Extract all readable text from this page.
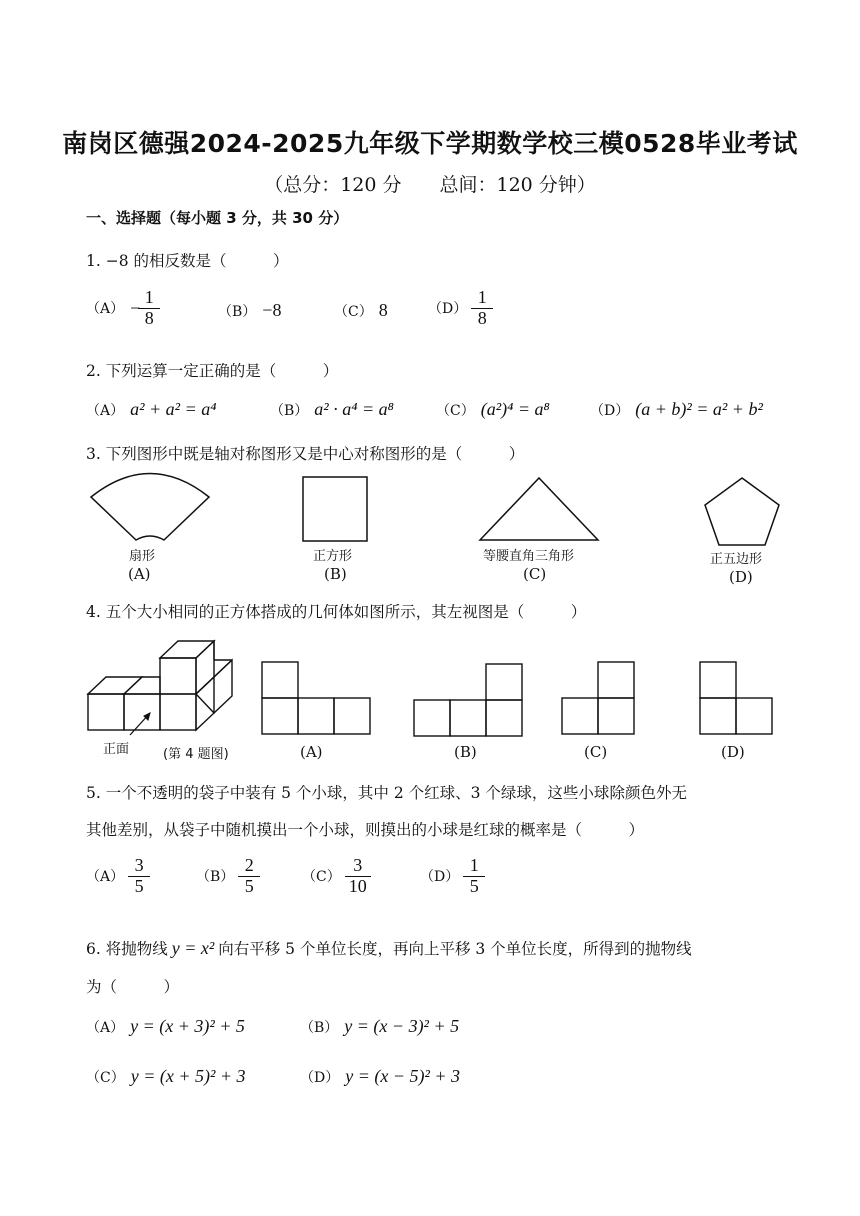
南岗区德强2024-2025九年级下学期数学校三模0528毕业考试
（总分：120 分　　总间：120 分钟）
一、选择题（每小题 3 分，共 30 分）
1. −8 的相反数是（　　　）
$(A) - \frac{1}{8}$	（B） −8	（C） 8	$(D) \frac{1}{8}$
2. 下列运算一定正确的是（　　　）
（A） a² + a² = a⁴	（B） a² · a⁴ = a⁸	（C） (a²)⁴ = a⁸	（D） (a + b)² = a² + b²
3. 下列图形中既是轴对称图形又是中心对称图形的是（　　　）
扇形
(A)
正方形
(B)
等腰直角三角形
(C)
正五边形
(D)
4. 五个大小相同的正方体搭成的几何体如图所示，其左视图是（　　　）
正面	(第 4 题图)	(A)	(B)	(C)	(D)
5. 一个不透明的袋子中装有 5 个小球，其中 2 个红球、3 个绿球，这些小球除颜色外无
其他差别，从袋子中随机摸出一个小球，则摸出的小球是红球的概率是（　　　）
$(A) \frac{3}{5}$	$(B) \frac{2}{5}$	$(C) \frac{3}{10}$	$(D) \frac{1}{5}$
6. 将抛物线 y = x² 向右平移 5 个单位长度，再向上平移 3 个单位长度，所得到的抛物线
为（　　　）
（A） y = (x + 3)² + 5	（B） y = (x − 3)² + 5
（C） y = (x + 5)² + 3	（D） y = (x − 5)² + 3
